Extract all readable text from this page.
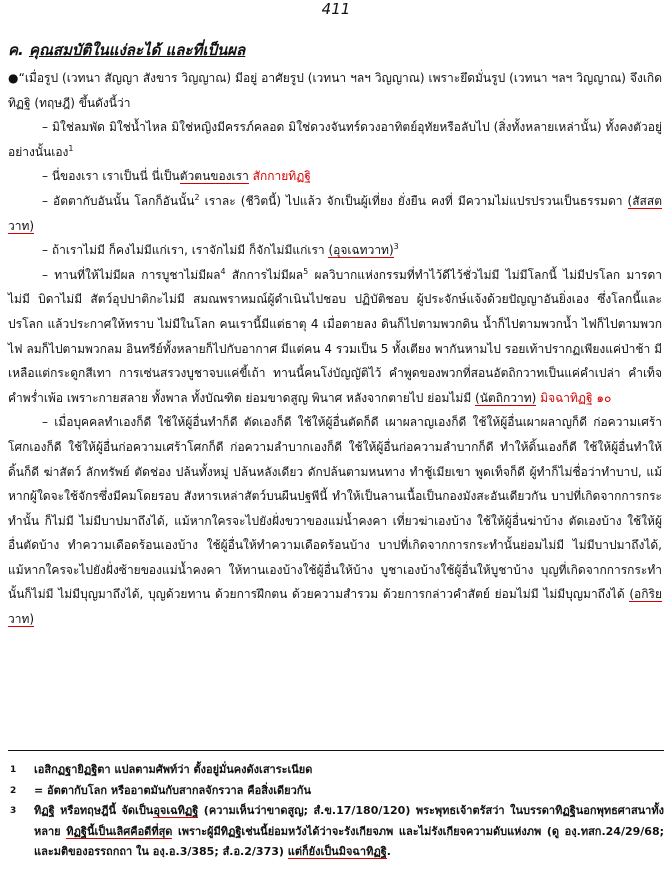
411
ค. คุณสมบัติในแง่ละได้ และที่เป็นผล

●“เมื่อรูป (เวทนา สัญญา สังขาร วิญญาณ) มีอยู่ อาศัยรูป (เวทนา ฯลฯ วิญญาณ) เพราะยึดมั่นรูป (เวทนา ฯลฯ วิญญาณ) จึงเกิดทิฏฐิ (ทฤษฎี) ขึ้นดังนี้ว่า

– มิใช่ลมพัด มิใช่น้ำไหล มิใช่หญิงมีครรภ์คลอด มิใช่ดวงจันทร์ดวงอาทิตย์อุทัยหรือลับไป (สิ่งทั้งหลายเหล่านั้น) ทั้งคงตัวอยู่อย่างนั้นเอง$^1$

– นี่ของเรา เราเป็นนี่ นี่เป็นตัวตนของเรา สักกายทิฏฐิ

– อัตตากับอันนั้น โลกก็อันนั้น$^2$ เราละ (ชีวิตนี้) ไปแล้ว จักเป็นผู้เที่ยง ยั่งยืน คงที่ มีความไม่แปรปรวนเป็นธรรมดา (สัสสตวาท)

– ถ้าเราไม่มี ก็คงไม่มีแก่เรา, เราจักไม่มี ก็จักไม่มีแก่เรา (อุจเฉทวาท)$^3$

– ทานที่ให้ไม่มีผล การบูชาไม่มีผล$^4$ สักการไม่มีผล$^5$ ผลวิบากแห่งกรรมที่ทำไว้ดีไว้ชั่วไม่มี ไม่มีโลกนี้ ไม่มีปรโลก มารดาไม่มี บิดาไม่มี สัตว์อุปปาติกะไม่มี สมณพราหมณ์ผู้ดำเนินไปชอบ ปฏิบัติชอบ ผู้ประจักษ์แจ้งด้วยปัญญาอันยิ่งเอง ซึ่งโลกนี้และปรโลก แล้วประกาศให้ทราบ ไม่มีในโลก คนเรานี้มีแต่ธาตุ 4 เมื่อตายลง ดินก็ไปตามพวกดิน น้ำก็ไปตามพวกน้ำ ไฟก็ไปตามพวกไฟ ลมก็ไปตามพวกลม อินทรีย์ทั้งหลายก็ไปกับอากาศ มีแต่คน 4 รวมเป็น 5 ทั้งเตียง พากันหามไป รอยเท้าปรากฏเพียงแค่ป่าช้า มีเหลือแต่กระดูกสีเทา การเซ่นสรวงบูชาจบแค่ขี้เถ้า ทานนี้คนโง่บัญญัติไว้ คำพูดของพวกที่สอนอัตถิกวาทเป็นแค่คำเปล่า คำเท็จ คำพร่ำเพ้อ เพราะกายสลาย ทั้งพาล ทั้งบัณฑิต ย่อมขาดสูญ พินาศ หลังจากตายไป ย่อมไม่มี (นัตถิกวาท) มิจฉาทิฏฐิ ๑๐

– เมื่อบุคคลทำเองก็ดี ใช้ให้ผู้อื่นทำก็ดี ตัดเองก็ดี ใช้ให้ผู้อื่นตัดก็ดี เผาผลาญเองก็ดี ใช้ให้ผู้อื่นเผาผลาญก็ดี ก่อความเศร้าโศกเองก็ดี ใช้ให้ผู้อื่นก่อความเศร้าโศกก็ดี ก่อความลำบากเองก็ดี ใช้ให้ผู้อื่นก่อความลำบากก็ดี ทำให้ดิ้นเองก็ดี ใช้ให้ผู้อื่นทำให้ดิ้นก็ดี ฆ่าสัตว์ ลักทรัพย์ ตัดช่อง ปล้นทั้งหมู่ ปล้นหลังเดียว ดักปล้นตามหนทาง ทำชู้เมียเขา พูดเท็จก็ดี ผู้ทำก็ไม่ชื่อว่าทำบาป, แม้หากผู้ใดจะใช้จักรซึ่งมีคมโดยรอบ สังหารเหล่าสัตว์บนผืนปฐพีนี้ ทำให้เป็นลานเนื้อเป็นกองมังสะอันเดียวกัน บาปที่เกิดจากการกระทำนั้น ก็ไม่มี ไม่มีบาปมาถึงได้, แม้หากใครจะไปยังฝั่งขวาของแม่น้ำคงคา เที่ยวฆ่าเองบ้าง ใช้ให้ผู้อื่นฆ่าบ้าง ตัดเองบ้าง ใช้ให้ผู้อื่นตัดบ้าง ทำความเดือดร้อนเองบ้าง ใช้ผู้อื่นให้ทำความเดือดร้อนบ้าง บาปที่เกิดจากการกระทำนั้นย่อมไม่มี ไม่มีบาปมาถึงได้, แม้หากใครจะไปยังฝั่งซ้ายของแม่น้ำคงคา ให้ทานเองบ้างใช้ผู้อื่นให้บ้าง บูชาเองบ้างใช้ผู้อื่นให้บูชาบ้าง บุญที่เกิดจากการกระทำนั้นก็ไม่มี ไม่มีบุญมาถึงได้, บุญด้วยทาน ด้วยการฝึกตน ด้วยความสำรวม ด้วยการกล่าวคำสัตย์ ย่อมไม่มี ไม่มีบุญมาถึงได้ (อกิริยวาท)

1 เอสิกฏฐายิฏฐิตา แปลตามศัพท์ว่า ตั้งอยู่มั่นคงดังเสาระเนียด

2 = อัตตากับโลก หรืออาตมันกับสากลจักรวาล คือสิ่งเดียวกัน

3 ทิฏฐิ หรือทฤษฎีนี้ จัดเป็นอุจเฉทิฏฐิ (ความเห็นว่าขาดสูญ; สํ.ข.17/180/120) พระพุทธเจ้าตรัสว่า ในบรรดาทิฏฐินอกพุทธศาสนาทั้งหลาย ทิฏฐินี้เป็นเลิศคือดีที่สุด เพราะผู้มีทิฏฐิเช่นนี้ย่อมหวังได้ว่าจะรังเกียจภพ และไม่รังเกียจความดับแห่งภพ (ดู องฺ.ทสก.24/29/68; และมติของอรรถกถา ใน องฺ.อ.3/385; สํ.อ.2/373) แต่ก็ยังเป็นมิจฉาทิฏฐิ.
